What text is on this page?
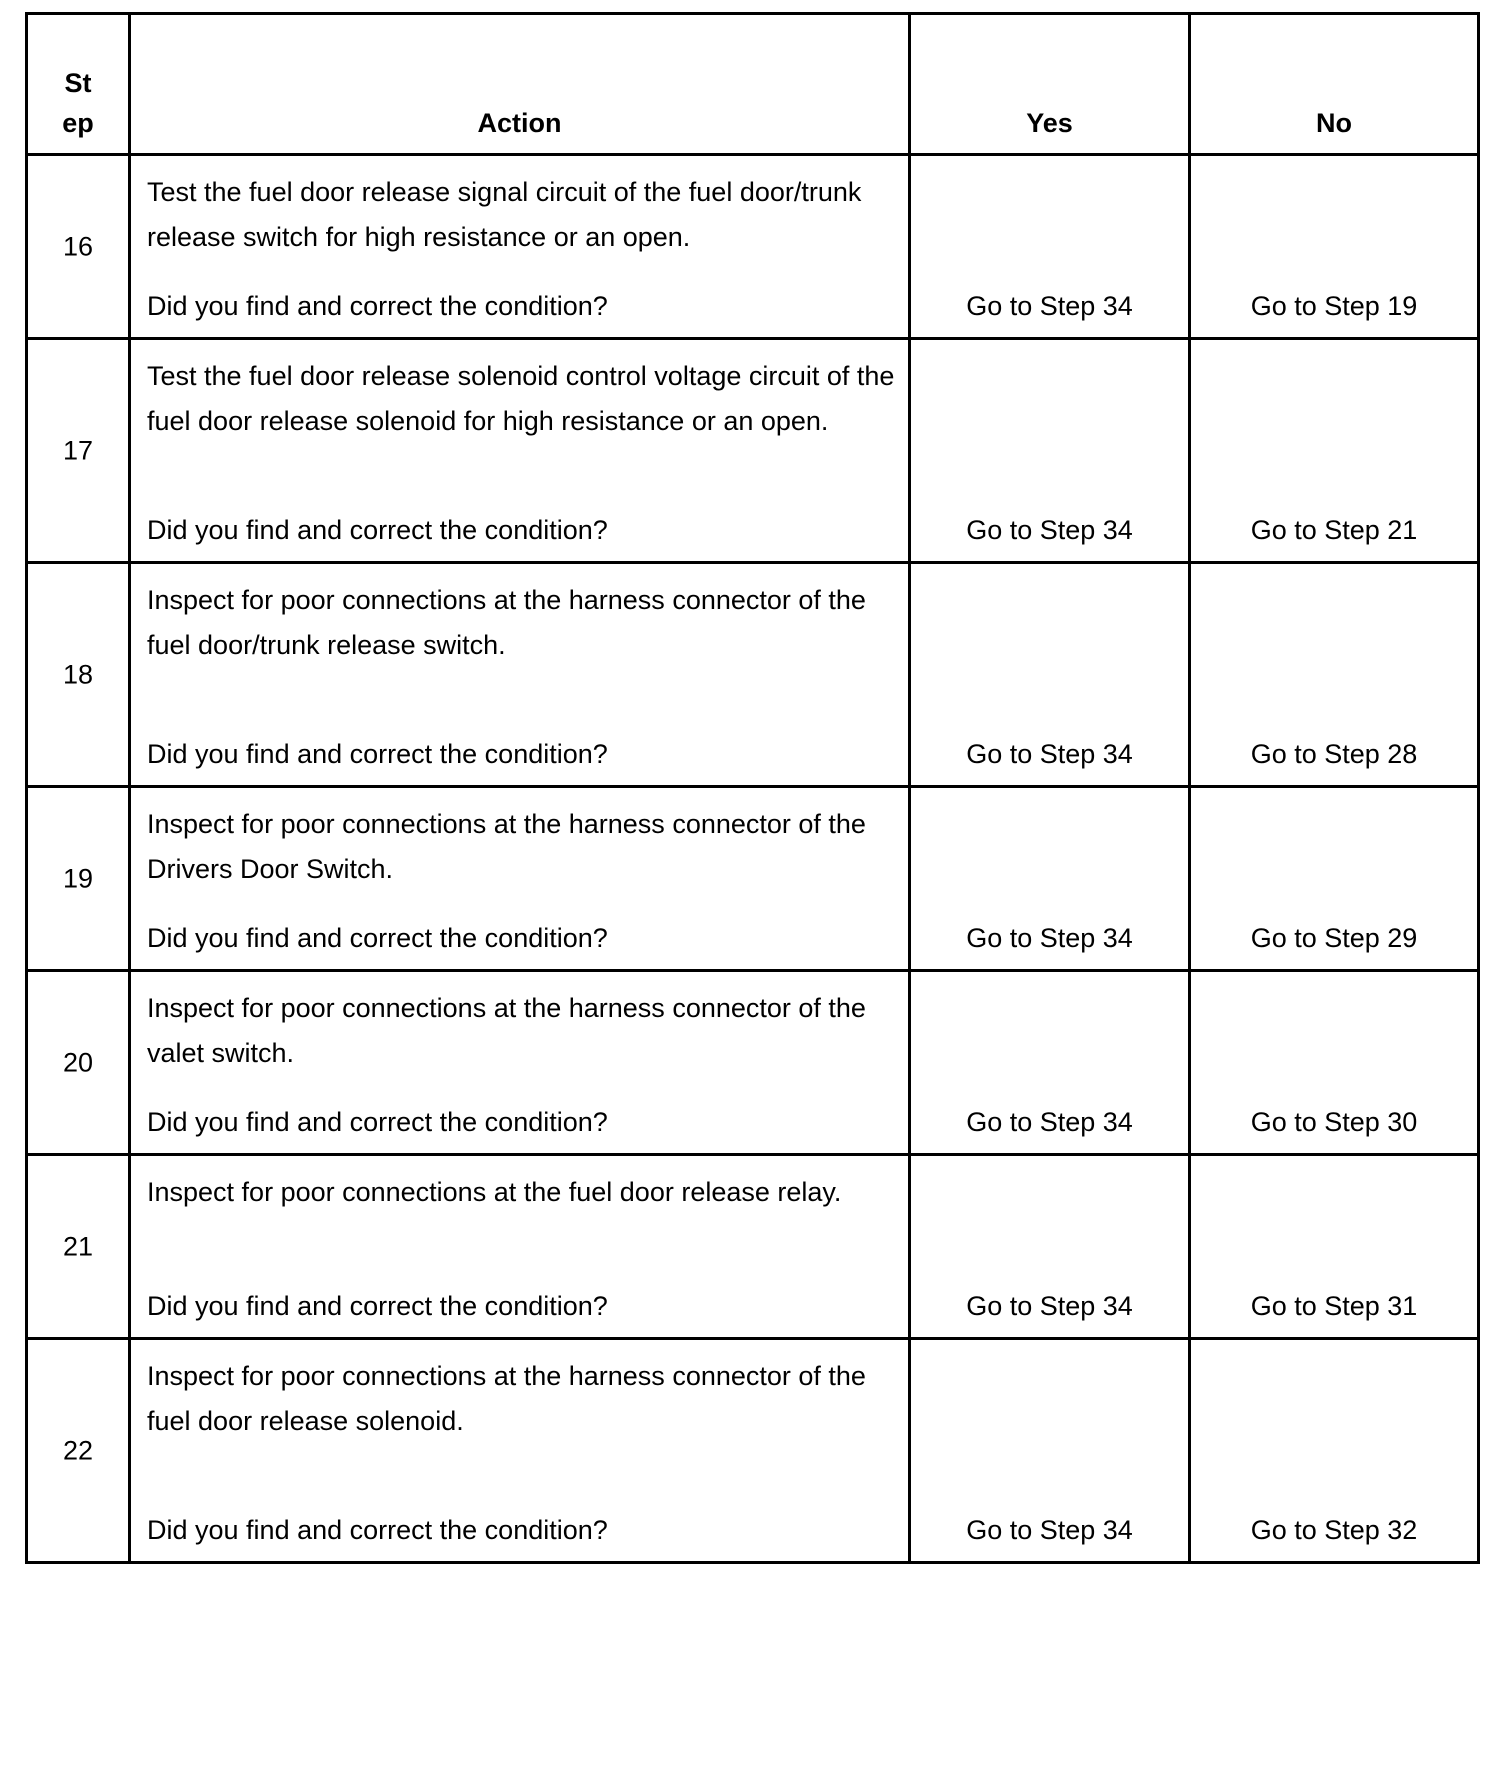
St
ep	Action	Yes	No

16	Test the fuel door release signal circuit of the fuel door/trunk release switch for high resistance or an open.
Did you find and correct the condition?	Go to Step 34	Go to Step 19

17	Test the fuel door release solenoid control voltage circuit of the fuel door release solenoid for high resistance or an open.
Did you find and correct the condition?	Go to Step 34	Go to Step 21

18	Inspect for poor connections at the harness connector of the fuel door/trunk release switch.
Did you find and correct the condition?	Go to Step 34	Go to Step 28

19	Inspect for poor connections at the harness connector of the Drivers Door Switch.
Did you find and correct the condition?	Go to Step 34	Go to Step 29

20	Inspect for poor connections at the harness connector of the valet switch.
Did you find and correct the condition?	Go to Step 34	Go to Step 30

21	Inspect for poor connections at the fuel door release relay.
Did you find and correct the condition?	Go to Step 34	Go to Step 31

22	Inspect for poor connections at the harness connector of the fuel door release solenoid.
Did you find and correct the condition?	Go to Step 34	Go to Step 32
